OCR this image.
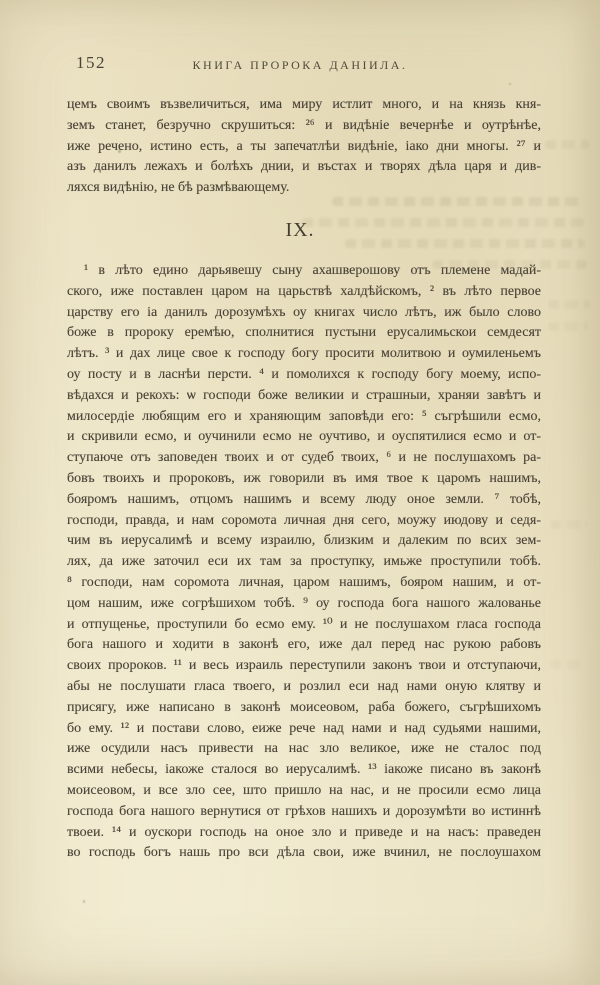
152	КНИГА ПРОРОКА ДАНІИЛА.
цемъ своимъ възвеличиться, има миру истлит много, и на князь кня-
земъ станет, безручно скрушиться: ²⁶ и видѣніе вечернѣе и оутрѣнѣе,
иже речено, истино есть, а ты запечатлѣи видѣніе, іако дни многы. ²⁷ и
азъ данилъ лежахъ и болѣхъ днии, и въстах и творях дѣла царя и див-
ляхся видѣнію, не бѣ размѣвающему.
IX.
¹ в лѣто едино дарьявешу сыну ахашверошову отъ племене мадай-
ского, иже поставлен царом на царьствѣ халдѣйскомъ, ² въ лѣто первое
царству его іа данилъ дорозумѣхъ оу книгах число лѣтъ, иж было слово
боже в пророку еремѣю, сполнитися пустыни ерусалимьскои семдесят
лѣтъ. ³ и дах лице свое к господу богу просити молитвою и оумиленьемъ
оу посту и в ласнѣи персти. ⁴ и помолихся к господу богу моему, испо-
вѣдахся и рекохъ: ѡ господи боже великии и страшныи, храняи завѣтъ и
милосердіе любящим его и храняющим заповѣди его: ⁵ съгрѣшили есмо,
и скривили есмо, и оучинили есмо не оучтиво, и оуспятилися есмо и от-
ступаюче отъ заповеден твоих и от судеб твоих, ⁶ и не послушахомъ ра-
бовъ твоихъ и пророковъ, иж говорили въ имя твое к царомъ нашимъ,
бояромъ нашимъ, отцомъ нашимъ и всему люду оное земли. ⁷ тобѣ,
господи, правда, и нам соромота личная дня сего, моужу июдову и седя-
чим въ иерусалимѣ и всему израилю, близким и далеким по всих зем-
лях, да иже заточил еси их там за проступку, имьже проступили тобѣ.
⁸ господи, нам соромота личная, царом нашимъ, бояром нашим, и от-
цом нашим, иже согрѣшихом тобѣ. ⁹ оу господа бога нашого жалованье
и отпущенье, проступили бо есмо ему. ¹⁰ и не послушахом гласа господа
бога нашого и ходити в законѣ его, иже дал перед нас рукою рабовъ
своих пророков. ¹¹ и весь израиль переступили законъ твои и отступаючи,
абы не послушати гласа твоего, и розлил еси над нами оную клятву и
присягу, иже написано в законѣ моисеовом, раба божего, съгрѣшихомъ
бо ему. ¹² и постави слово, еиже рече над нами и над судьями нашими,
иже осудили насъ привести на нас зло великое, иже не сталос под
всими небесы, іакоже сталося во иерусалимѣ. ¹³ іакоже писано въ законѣ
моисеовом, и все зло сее, што пришло на нас, и не просили есмо лица
господа бога нашого вернутися от грѣхов нашихъ и дорозумѣти во истиннѣ
твоеи. ¹⁴ и оускори господь на оное зло и приведе и на насъ: праведен
во господь богъ нашь про вси дѣла свои, иже вчинил, не послоушахом
